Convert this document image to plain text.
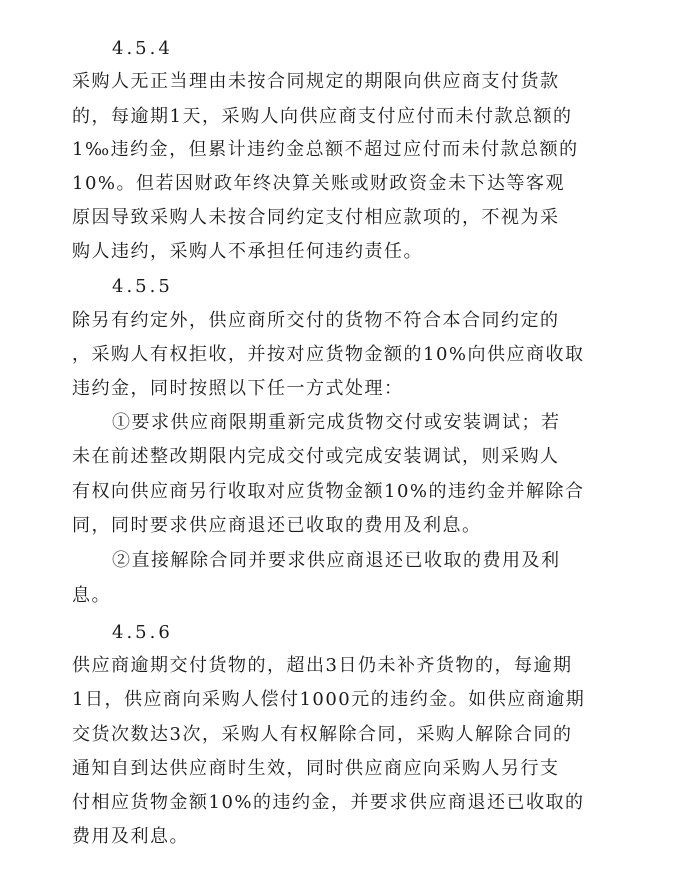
4.5.4
采购人无正当理由未按合同规定的期限向供应商支付货款
的，每逾期1天，采购人向供应商支付应付而未付款总额的
1‰违约金，但累计违约金总额不超过应付而未付款总额的
10%。但若因财政年终决算关账或财政资金未下达等客观
原因导致采购人未按合同约定支付相应款项的，不视为采
购人违约，采购人不承担任何违约责任。
4.5.5
除另有约定外，供应商所交付的货物不符合本合同约定的
，采购人有权拒收，并按对应货物金额的10%向供应商收取
违约金，同时按照以下任一方式处理：
①要求供应商限期重新完成货物交付或安装调试；若
未在前述整改期限内完成交付或完成安装调试，则采购人
有权向供应商另行收取对应货物金额10%的违约金并解除合
同，同时要求供应商退还已收取的费用及利息。
②直接解除合同并要求供应商退还已收取的费用及利
息。
4.5.6
供应商逾期交付货物的，超出3日仍未补齐货物的，每逾期
1日，供应商向采购人偿付1000元的违约金。如供应商逾期
交货次数达3次，采购人有权解除合同，采购人解除合同的
通知自到达供应商时生效，同时供应商应向采购人另行支
付相应货物金额10%的违约金，并要求供应商退还已收取的
费用及利息。
